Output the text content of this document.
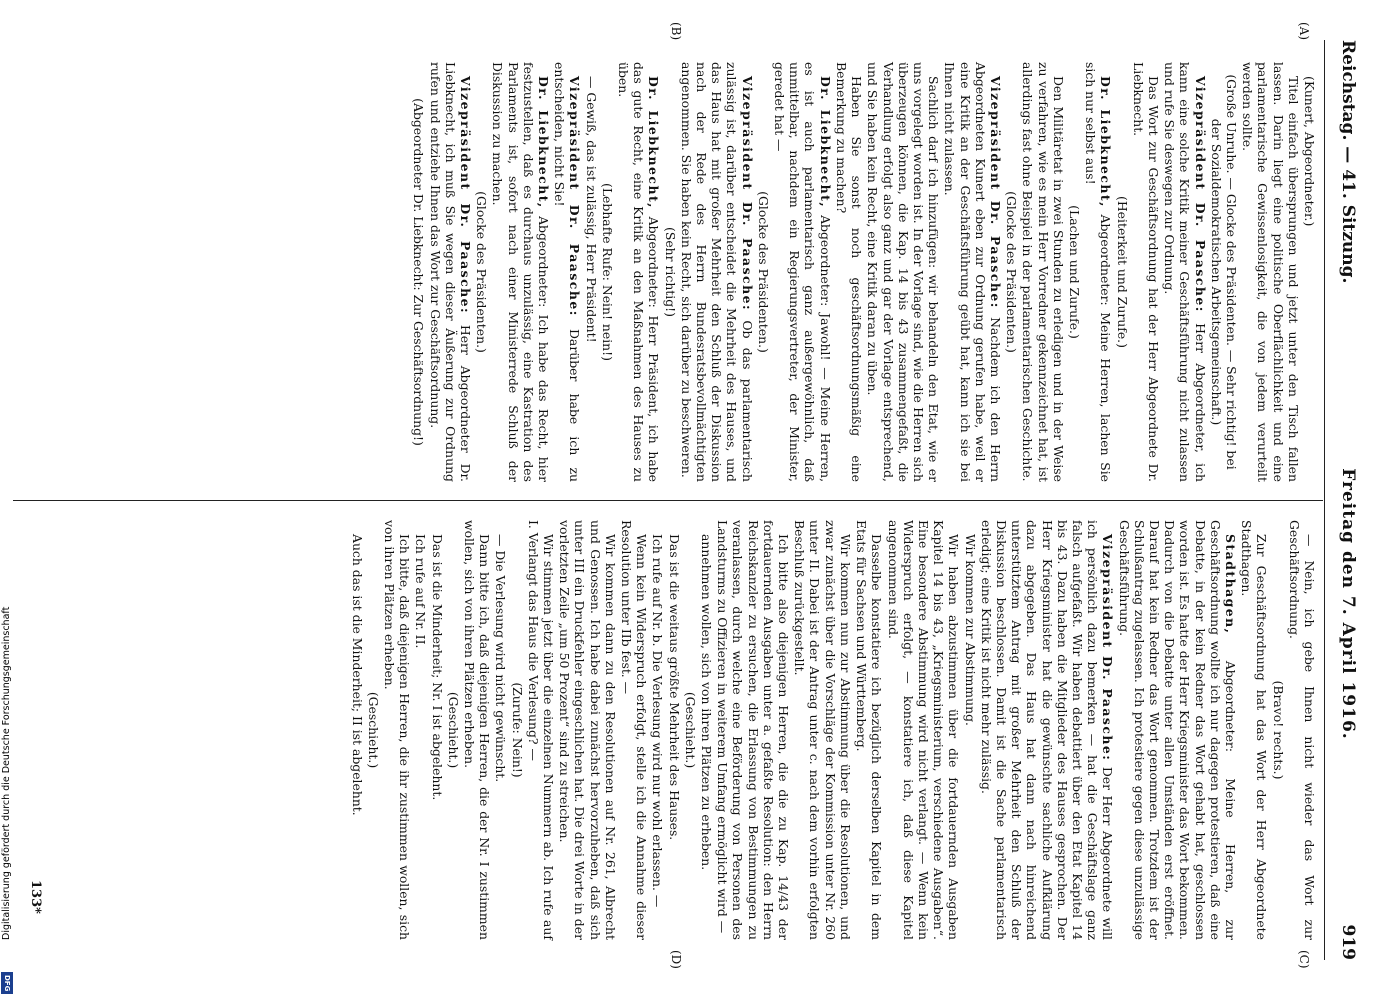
Digitalisierung gefördert durch die Deutsche Forschungsgemeinschaft
DFG
Reichstag. — 41. Sitzung.
Freitag den 7. April 1916.
919
(A)
(B)
(C)
(D)

(Kunert, Abgeordneter.)

Titel einfach übersprungen und jetzt unter den Tisch fallen lassen. Darin liegt eine politische Oberflächlichkeit und eine parlamentarische Gewissenlosigkeit, die von jedem verurteilt werden sollte.

(Große Unruhe. — Glocke des Präsidenten. — Sehr richtig! bei der Sozialdemokratischen Arbeitsgemeinschaft.)

Vizepräsident Dr. Paasche: Herr Abgeordneter, ich kann eine solche Kritik meiner Geschäftsführung nicht zulassen und rufe Sie deswegen zur Ordnung.

Das Wort zur Geschäftsordnung hat der Herr Abgeordnete Dr. Liebknecht.

(Heiterkeit und Zurufe.)

Dr. Liebknecht, Abgeordneter: Meine Herren, lachen Sie sich nur selbst aus!

(Lachen und Zurufe.)

Den Militäretat in zwei Stunden zu erledigen und in der Weise zu verfahren, wie es mein Herr Vorredner gekennzeichnet hat, ist allerdings fast ohne Beispiel in der parlamentarischen Geschichte.

(Glocke des Präsidenten.)

Vizepräsident Dr. Paasche: Nachdem ich den Herrn Abgeordneten Kunert eben zur Ordnung gerufen habe, weil er eine Kritik an der Geschäftsführung geübt hat, kann ich sie bei Ihnen nicht zulassen.

Sachlich darf ich hinzufügen: wir behandeln den Etat, wie er uns vorgelegt worden ist. In der Vorlage sind, wie die Herren sich überzeugen können, die Kap. 14 bis 43 zusammengefaßt, die Verhandlung erfolgt also ganz und gar der Vorlage entsprechend, und Sie haben kein Recht, eine Kritik daran zu üben.

Haben Sie sonst noch geschäftsordnungsmäßig eine Bemerkung zu machen?

Dr. Liebknecht, Abgeordneter: Jawohl! — Meine Herren, es ist auch parlamentarisch ganz außergewöhnlich, daß unmittelbar, nachdem ein Regierungsvertreter, der Minister, geredet hat —

(Glocke des Präsidenten.)

Vizepräsident Dr. Paasche: Ob das parlamentarisch zulässig ist, darüber entscheidet die Mehrheit des Hauses, und das Haus hat mit großer Mehrheit den Schluß der Diskussion nach der Rede des Herrn Bundesratsbevollmächtigten angenommen. Sie haben kein Recht, sich darüber zu beschweren.

(Sehr richtig!)

Dr. Liebknecht, Abgeordneter: Herr Präsident, ich habe das gute Recht, eine Kritik an den Maßnahmen des Hauses zu üben.

(Lebhafte Rufe: Nein! nein!)

— Gewiß, das ist zulässig, Herr Präsident!

Vizepräsident Dr. Paasche: Darüber habe ich zu entscheiden, nicht Sie!

Dr. Liebknecht, Abgeordneter: Ich habe das Recht, hier festzustellen, daß es durchaus unzulässig, eine Kastration des Parlaments ist, sofort nach einer Ministerrede Schluß der Diskussion zu machen.

(Glocke des Präsidenten.)

Vizepräsident Dr. Paasche: Herr Abgeordneter Dr. Liebknecht, ich muß Sie wegen dieser Äußerung zur Ordnung rufen und entziehe Ihnen das Wort zur Geschäftsordnung.

(Abgeordneter Dr. Liebknecht: Zur Geschäftsordnung!)

— Nein, ich gebe Ihnen nicht wieder das Wort zur Geschäftsordnung.

(Bravo! rechts.)

Zur Geschäftsordnung hat das Wort der Herr Abgeordnete Stadthagen.

Stadthagen, Abgeordneter: Meine Herren, zur Geschäftsordnung wollte ich nur dagegen protestieren, daß eine Debatte, in der kein Redner das Wort gehabt hat, geschlossen worden ist. Es hatte der Herr Kriegsminister das Wort bekommen. Dadurch von die Debatte unter allen Umständen erst eröffnet. Darauf hat kein Redner das Wort genommen. Trotzdem ist der Schlußantrag zugelassen. Ich protestiere gegen diese unzulässige Geschäftsführung.

Vizepräsident Dr. Paasche: Der Herr Abgeordnete will ich persönlich dazu bemerken — hat die Geschäftslage ganz falsch aufgefaßt. Wir haben debattiert über den Etat Kapitel 14 bis 43. Dazu haben die Mitglieder des Hauses gesprochen. Der Herr Kriegsminister hat die gewünschte sachliche Aufklärung dazu abgegeben. Das Haus hat dann nach hinreichend unterstütztem Antrag mit großer Mehrheit den Schluß der Diskussion beschlossen. Damit ist die Sache parlamentarisch erledigt; eine Kritik ist nicht mehr zulässig.

Wir kommen zur Abstimmung.

Wir haben abzustimmen über die fortdauernden Ausgaben Kapitel 14 bis 43, „Kriegsministerium, verschiedene Ausgaben“. Eine besondere Abstimmung wird nicht verlangt. — Wenn kein Widerspruch erfolgt, — konstatiere ich, daß diese Kapitel angenommen sind.

Dasselbe konstatiere ich bezüglich derselben Kapitel in dem Etats für Sachsen und Württemberg.

Wir kommen nun zur Abstimmung über die Resolutionen, und zwar zunächst über die Vorschläge der Kommission unter Nr. 260 unter II. Dabei ist der Antrag unter c. nach dem vorhin erfolgten Beschluß zurückgestellt.

Ich bitte also diejenigen Herren, die die zu Kap. 14/43 der fortdauernden Ausgaben unter a. gefaßte Resolution: den Herrn Reichskanzler zu ersuchen, die Erlassung von Bestimmungen zu veranlassen, durch welche eine Beförderung von Personen des Landsturms zu Offizieren in weiterem Umfang ermöglicht wird —

annehmen wollen, sich von ihren Plätzen zu erheben.

(Geschieht.)

Das ist die weitaus größte Mehrheit des Hauses.

Ich rufe auf Nr. b. Die Verlesung wird nur wohl erlassen. —

Wenn kein Widerspruch erfolgt, stelle ich die Annahme dieser Resolution unter IIb fest. —

Wir kommen dann zu den Resolutionen auf Nr. 261, Albrecht und Genossen. Ich habe dabei zunächst hervorzuheben, daß sich unter III ein Druckfehler eingeschlichen hat. Die drei Worte in der vorletzten Zeile „um 50 Prozent“ sind zu streichen.

Wir stimmen jetzt über die einzelnen Nummern ab. Ich rufe auf I. Verlangt das Haus die Verlesung? —

(Zurufe: Nein!)

— Die Verlesung wird nicht gewünscht.

Dann bitte ich, daß diejenigen Herren, die der Nr. I zustimmen wollen, sich von ihren Plätzen erheben.

(Geschieht.)

Das ist die Minderheit; Nr. I ist abgelehnt.

Ich rufe auf Nr. II.

Ich bitte, daß diejenigen Herren, die ihr zustimmen wollen, sich von ihren Plätzen erheben.

(Geschieht.)

Auch das ist die Minderheit; II ist abgelehnt.

133*
